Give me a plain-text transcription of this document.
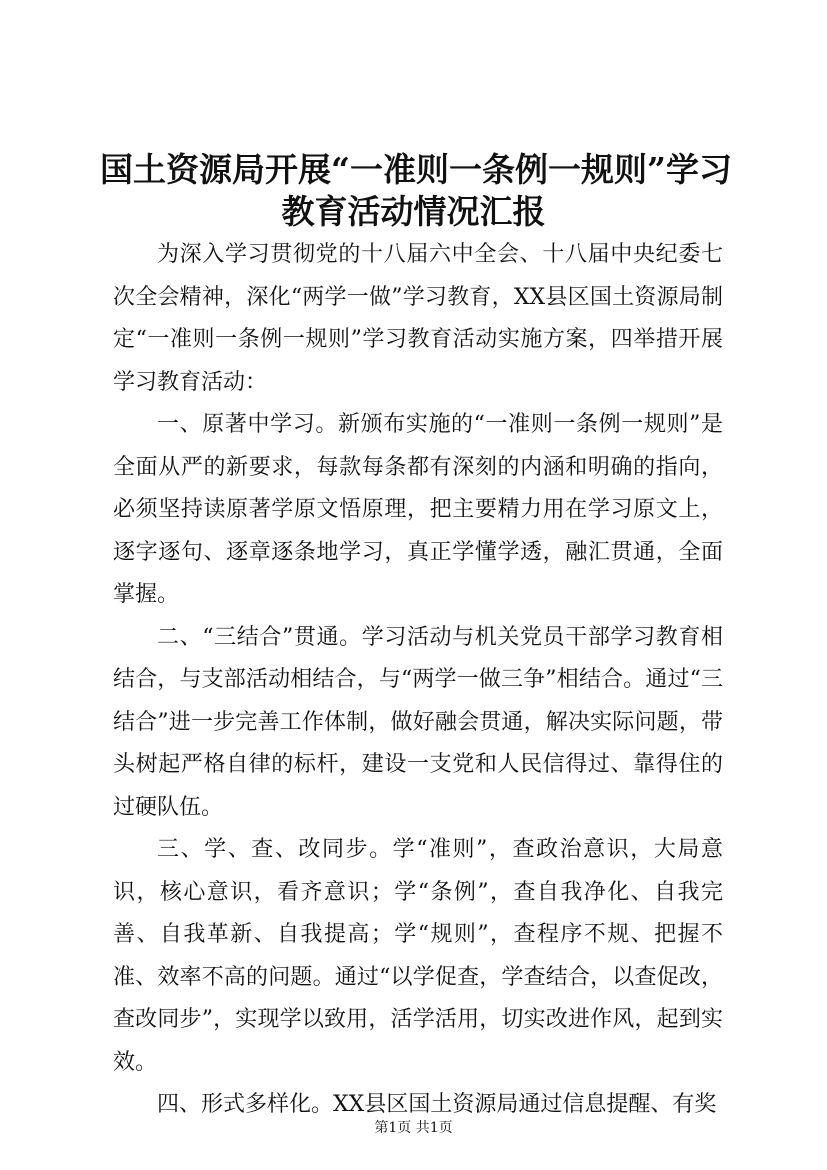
国土资源局开展“一准则一条例一规则”学习
教育活动情况汇报

为深入学习贯彻党的十八届六中全会、十八届中央纪委七次全会精神，深化“两学一做”学习教育，XX县区国土资源局制定“一准则一条例一规则”学习教育活动实施方案，四举措开展学习教育活动：

一、原著中学习。新颁布实施的“一准则一条例一规则”是全面从严的新要求，每款每条都有深刻的内涵和明确的指向，必须坚持读原著学原文悟原理，把主要精力用在学习原文上，逐字逐句、逐章逐条地学习，真正学懂学透，融汇贯通，全面掌握。

二、“三结合”贯通。学习活动与机关党员干部学习教育相结合，与支部活动相结合，与“两学一做三争”相结合。通过“三结合”进一步完善工作体制，做好融会贯通，解决实际问题，带头树起严格自律的标杆，建设一支党和人民信得过、靠得住的过硬队伍。

三、学、查、改同步。学“准则”，查政治意识，大局意识，核心意识，看齐意识；学“条例”，查自我净化、自我完善、自我革新、自我提高；学“规则”，查程序不规、把握不准、效率不高的问题。通过“以学促查，学查结合，以查促改，查改同步”，实现学以致用，活学活用，切实改进作风，起到实效。

四、形式多样化。XX县区国土资源局通过信息提醒、有奖

第1页 共1页
